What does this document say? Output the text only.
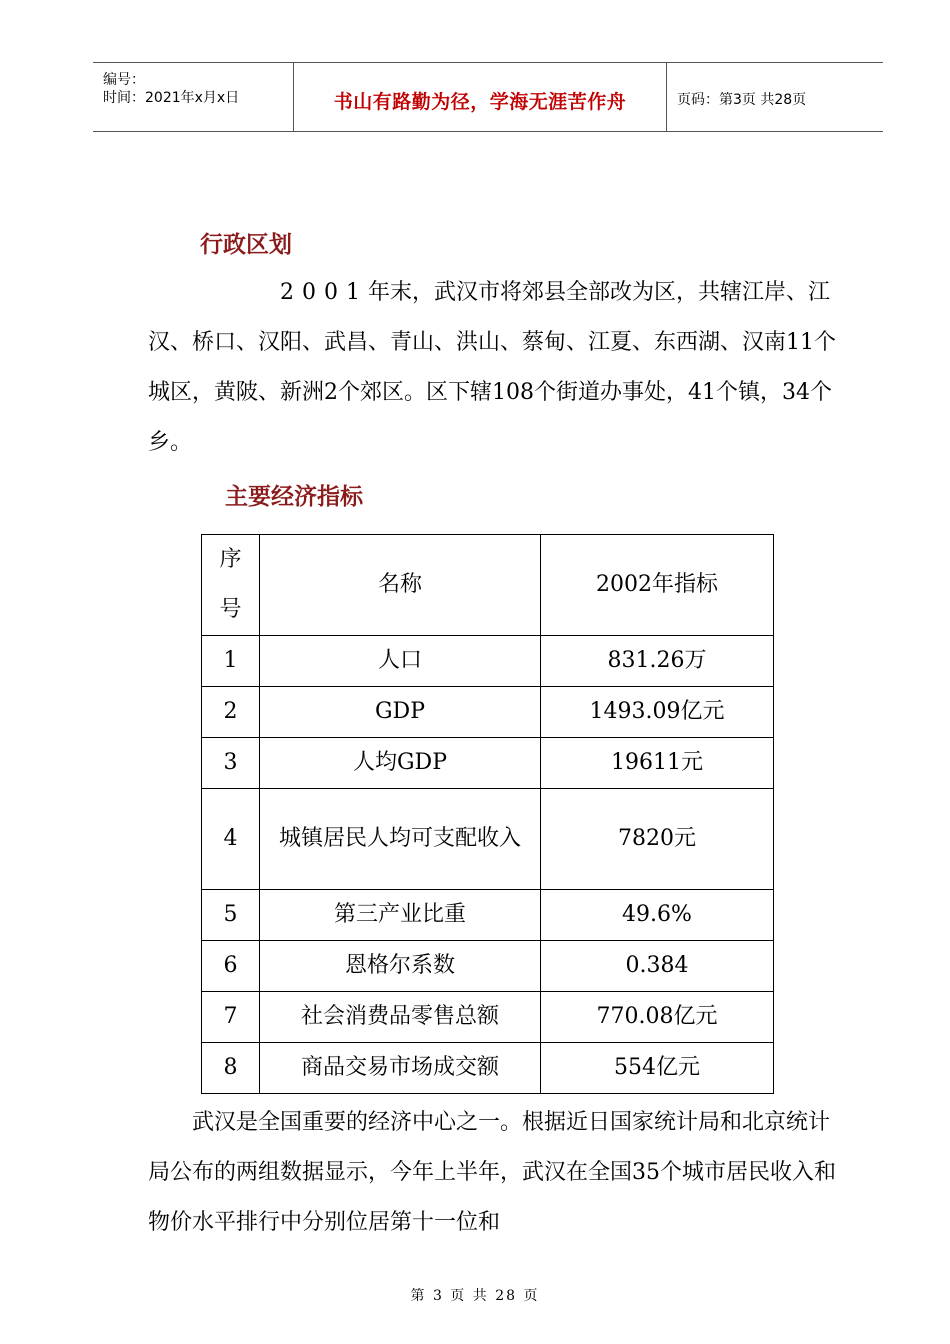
编号：
时间：2021年x月x日	书山有路勤为径，学海无涯苦作舟	页码：第3页 共28页
行政区划

2001年末，武汉市将郊县全部改为区，共辖江岸、江汉、桥口、汉阳、武昌、青山、洪山、蔡甸、江夏、东西湖、汉南11个城区，黄陂、新洲2个郊区。区下辖108个街道办事处，41个镇，34个乡。

主要经济指标
序号	名称	2002年指标
1	人口	831.26万
2	GDP	1493.09亿元
3	人均GDP	19611元
4	城镇居民人均可支配收入	7820元
5	第三产业比重	49.6%
6	恩格尔系数	0.384
7	社会消费品零售总额	770.08亿元
8	商品交易市场成交额	554亿元

武汉是全国重要的经济中心之一。根据近日国家统计局和北京统计局公布的两组数据显示，今年上半年，武汉在全国35个城市居民收入和物价水平排行中分别位居第十一位和

第 3 页 共 28 页
